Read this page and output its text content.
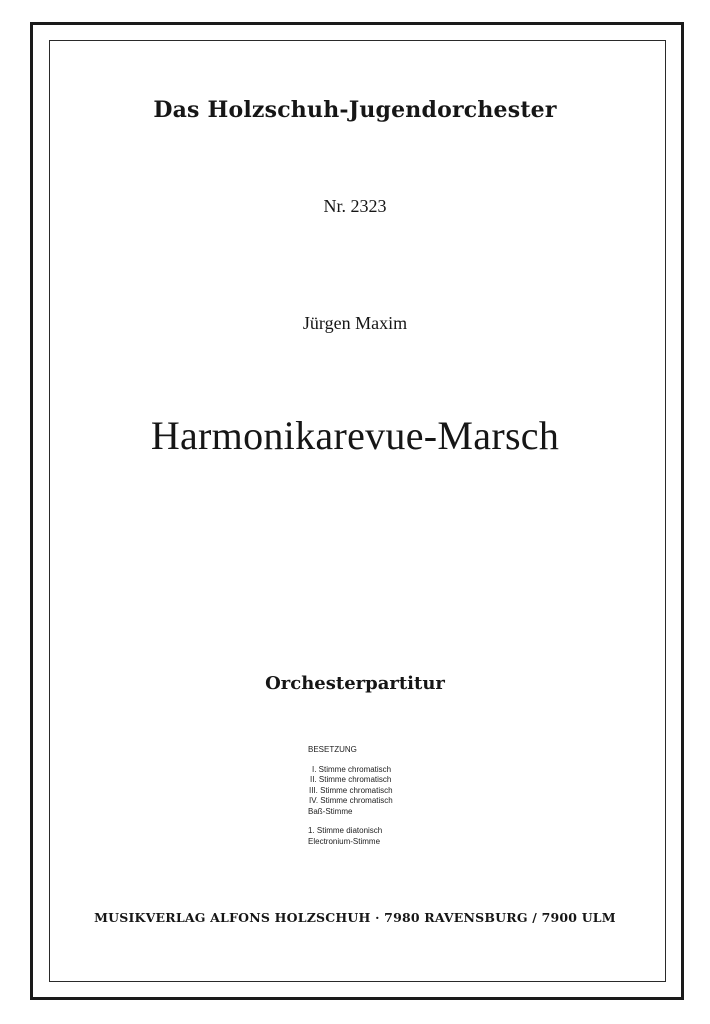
Das Holzschuh-Jugendorchester
Nr. 2323
Jürgen Maxim
Harmonikarevue-Marsch
Orchesterpartitur
BESETZUNG
I. Stimme chromatisch
II. Stimme chromatisch
III. Stimme chromatisch
IV. Stimme chromatisch
Baß-Stimme
1. Stimme diatonisch
Electronium-Stimme
MUSIKVERLAG ALFONS HOLZSCHUH · 7980 RAVENSBURG / 7900 ULM
